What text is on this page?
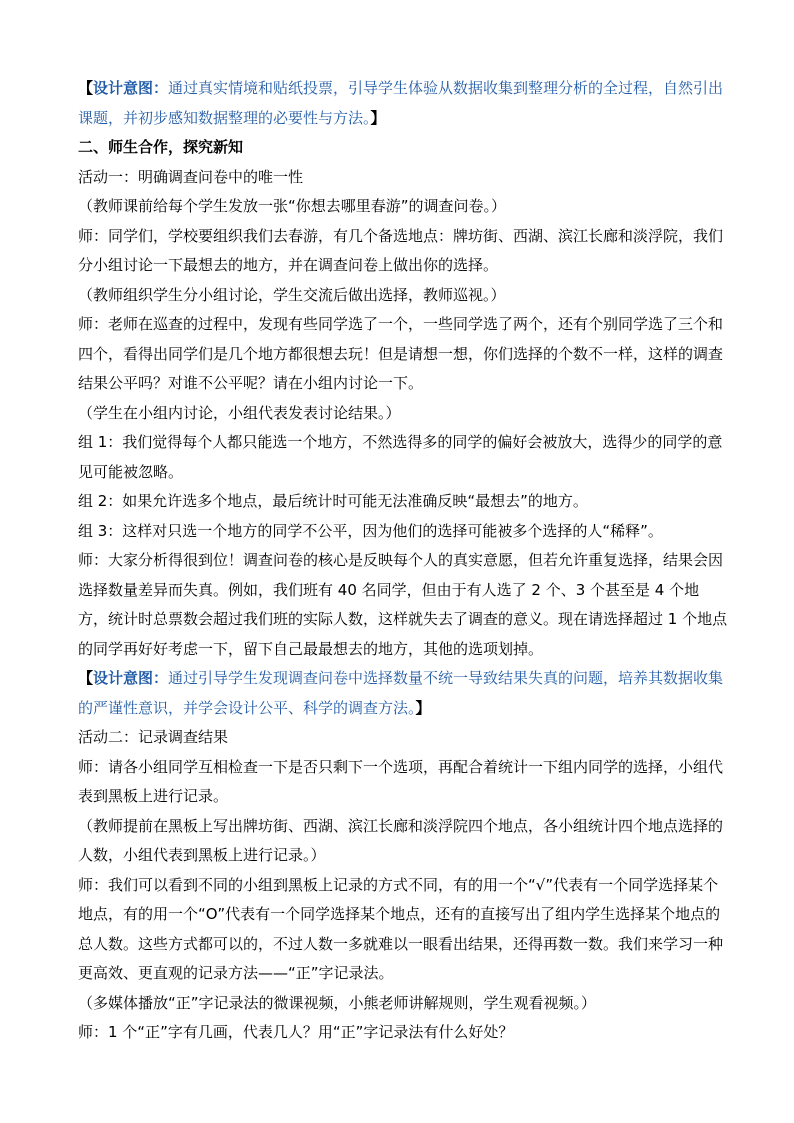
【设计意图：通过真实情境和贴纸投票，引导学生体验从数据收集到整理分析的全过程，自然引出课题，并初步感知数据整理的必要性与方法。】

二、师生合作，探究新知

活动一：明确调查问卷中的唯一性

（教师课前给每个学生发放一张“你想去哪里春游”的调查问卷。）

师：同学们，学校要组织我们去春游，有几个备选地点：牌坊街、西湖、滨江长廊和淡浮院，我们分小组讨论一下最想去的地方，并在调查问卷上做出你的选择。

（教师组织学生分小组讨论，学生交流后做出选择，教师巡视。）

师：老师在巡查的过程中，发现有些同学选了一个，一些同学选了两个，还有个别同学选了三个和四个，看得出同学们是几个地方都很想去玩！但是请想一想，你们选择的个数不一样，这样的调查结果公平吗？对谁不公平呢？请在小组内讨论一下。

（学生在小组内讨论，小组代表发表讨论结果。）

组 1：我们觉得每个人都只能选一个地方，不然选得多的同学的偏好会被放大，选得少的同学的意见可能被忽略。

组 2：如果允许选多个地点，最后统计时可能无法准确反映“最想去”的地方。

组 3：这样对只选一个地方的同学不公平，因为他们的选择可能被多个选择的人“稀释”。

师：大家分析得很到位！调查问卷的核心是反映每个人的真实意愿，但若允许重复选择，结果会因选择数量差异而失真。例如，我们班有 40 名同学，但由于有人选了 2 个、3 个甚至是 4 个地方，统计时总票数会超过我们班的实际人数，这样就失去了调查的意义。现在请选择超过 1 个地点的同学再好好考虑一下，留下自己最最想去的地方，其他的选项划掉。

【设计意图：通过引导学生发现调查问卷中选择数量不统一导致结果失真的问题，培养其数据收集的严谨性意识，并学会设计公平、科学的调查方法。】

活动二：记录调查结果

师：请各小组同学互相检查一下是否只剩下一个选项，再配合着统计一下组内同学的选择，小组代表到黑板上进行记录。

（教师提前在黑板上写出牌坊街、西湖、滨江长廊和淡浮院四个地点，各小组统计四个地点选择的人数，小组代表到黑板上进行记录。）

师：我们可以看到不同的小组到黑板上记录的方式不同，有的用一个“√”代表有一个同学选择某个地点，有的用一个“O”代表有一个同学选择某个地点，还有的直接写出了组内学生选择某个地点的总人数。这些方式都可以的，不过人数一多就难以一眼看出结果，还得再数一数。我们来学习一种更高效、更直观的记录方法——“正”字记录法。

（多媒体播放“正”字记录法的微课视频，小熊老师讲解规则，学生观看视频。）

师：1 个“正”字有几画，代表几人？用“正”字记录法有什么好处？
